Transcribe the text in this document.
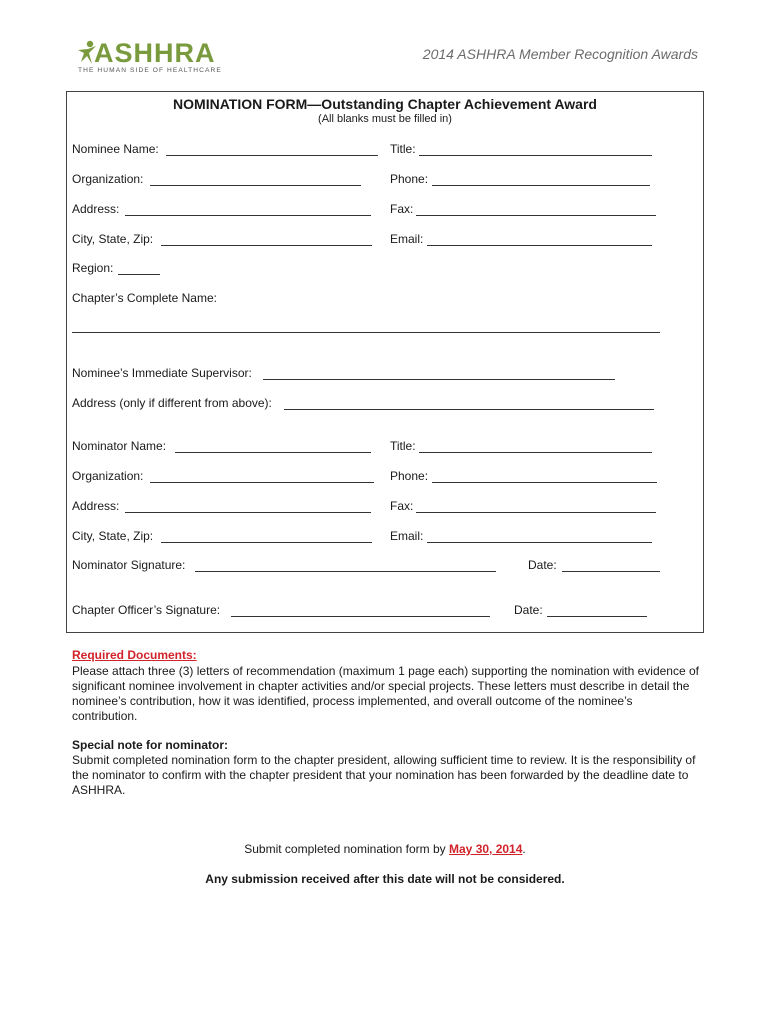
ASHHRA
THE HUMAN SIDE OF HEALTHCARE
2014 ASHHRA Member Recognition Awards
NOMINATION FORM—Outstanding Chapter Achievement Award
(All blanks must be filled in)
Nominee Name:	Title:
Organization:	Phone:
Address:	Fax:
City, State, Zip:	Email:
Region:
Chapter’s Complete Name:
Nominee’s Immediate Supervisor:
Address (only if different from above):
Nominator Name:	Title:
Organization:	Phone:
Address:	Fax:
City, State, Zip:	Email:
Nominator Signature:	Date:
Chapter Officer’s Signature:	Date:
Required Documents:
Please attach three (3) letters of recommendation (maximum 1 page each) supporting the nomination with evidence of significant nominee involvement in chapter activities and/or special projects. These letters must describe in detail the nominee’s contribution, how it was identified, process implemented, and overall outcome of the nominee’s contribution.
Special note for nominator:
Submit completed nomination form to the chapter president, allowing sufficient time to review. It is the responsibility of the nominator to confirm with the chapter president that your nomination has been forwarded by the deadline date to ASHHRA.
Submit completed nomination form by May 30, 2014.
Any submission received after this date will not be considered.
